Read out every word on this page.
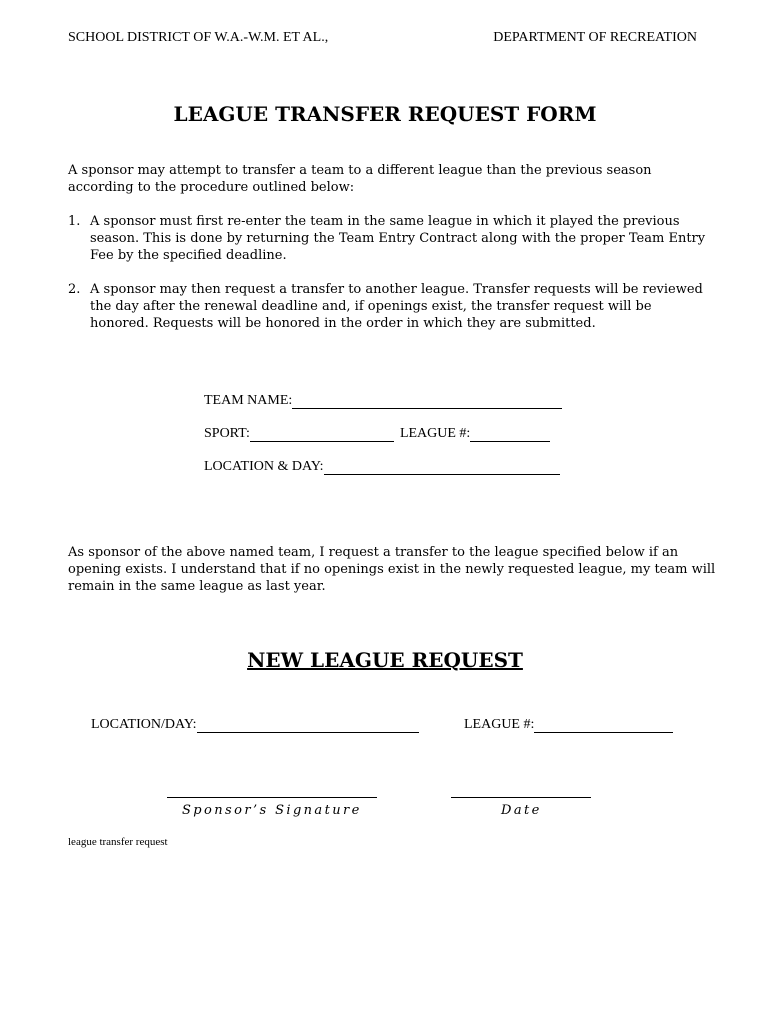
SCHOOL DISTRICT OF W.A.-W.M. ET AL.,	DEPARTMENT OF RECREATION
LEAGUE TRANSFER REQUEST FORM
A sponsor may attempt to transfer a team to a different league than the previous season according to the procedure outlined below:
1. A sponsor must first re-enter the team in the same league in which it played the previous season. This is done by returning the Team Entry Contract along with the proper Team Entry Fee by the specified deadline.
2. A sponsor may then request a transfer to another league. Transfer requests will be reviewed the day after the renewal deadline and, if openings exist, the transfer request will be honored. Requests will be honored in the order in which they are submitted.
TEAM NAME:
SPORT:	LEAGUE #:
LOCATION & DAY:
As sponsor of the above named team, I request a transfer to the league specified below if an opening exists. I understand that if no openings exist in the newly requested league, my team will remain in the same league as last year.
NEW LEAGUE REQUEST
LOCATION/DAY:	LEAGUE #:
Sponsor’s Signature	Date
league transfer request
